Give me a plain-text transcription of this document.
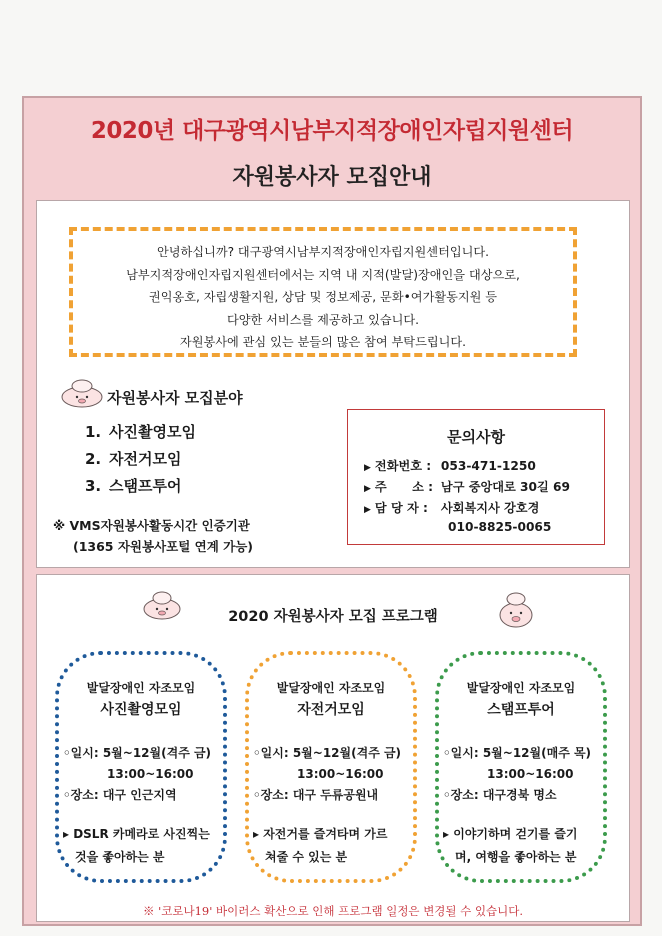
2020년 대구광역시남부지적장애인자립지원센터
자원봉사자 모집안내
안녕하십니까? 대구광역시남부지적장애인자립지원센터입니다.
남부지적장애인자립지원센터에서는 지역 내 지적(발달)장애인을 대상으로,
권익옹호, 자립생활지원, 상담 및 정보제공, 문화•여가활동지원 등
다양한 서비스를 제공하고 있습니다.
자원봉사에 관심 있는 분들의 많은 참여 부탁드립니다.
자원봉사자 모집분야
1. 사진촬영모임
2. 자전거모임
3. 스탬프투어
※ VMS자원봉사활동시간 인증기관
(1365 자원봉사포털 연계 가능)
문의사항
▶ 전화번호 : 053-471-1250
▶ 주      소 : 남구 중앙대로 30길 69
▶ 담 당 자 : 사회복지사 강호경
010-8825-0065
2020 자원봉사자 모집 프로그램
발달장애인 자조모임
사진촬영모임
◦일시: 5월~12월(격주 금)
13:00~16:00
◦장소: 대구 인근지역
▸ DSLR 카메라로 사진찍는
것을 좋아하는 분
발달장애인 자조모임
자전거모임
◦일시: 5월~12월(격주 금)
13:00~16:00
◦장소: 대구 두류공원내
▸ 자전거를 즐겨타며 가르
쳐줄 수 있는 분
발달장애인 자조모임
스탬프투어
◦일시: 5월~12월(매주 목)
13:00~16:00
◦장소: 대구경북 명소
▸ 이야기하며 걷기를 즐기
며, 여행을 좋아하는 분
※ '코로나19' 바이러스 확산으로 인해 프로그램 일정은 변경될 수 있습니다.
